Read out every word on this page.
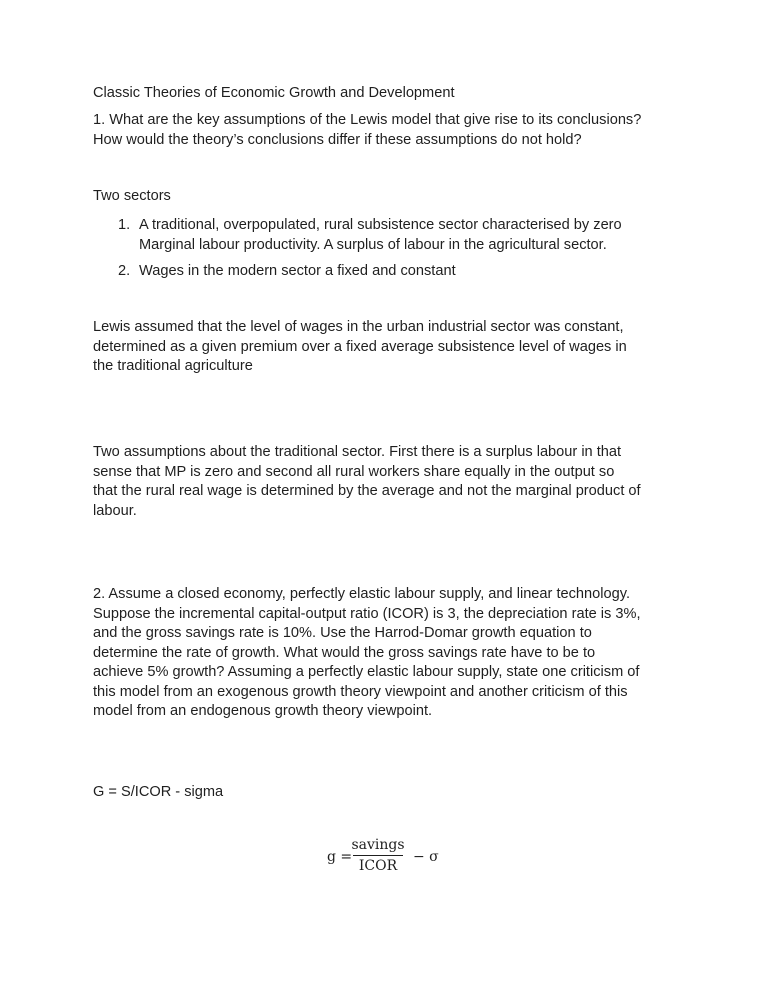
Classic Theories of Economic Growth and Development

1. What are the key assumptions of the Lewis model that give rise to its conclusions?

How would the theory’s conclusions differ if these assumptions do not hold?

Two sectors

1. A traditional, overpopulated, rural subsistence sector characterised by zero
Marginal labour productivity. A surplus of labour in the agricultural sector.
2. Wages in the modern sector a fixed and constant
Lewis assumed that the level of wages in the urban industrial sector was constant,
determined as a given premium over a fixed average subsistence level of wages in
the traditional agriculture
Two assumptions about the traditional sector. First there is a surplus labour in that
sense that MP is zero and second all rural workers share equally in the output so
that the rural real wage is determined by the average and not the marginal product of
labour.
2. Assume a closed economy, perfectly elastic labour supply, and linear technology.
Suppose the incremental capital-output ratio (ICOR) is 3, the depreciation rate is 3%,
and the gross savings rate is 10%. Use the Harrod-Domar growth equation to
determine the rate of growth. What would the gross savings rate have to be to
achieve 5% growth? Assuming a perfectly elastic labour supply, state one criticism of
this model from an exogenous growth theory viewpoint and another criticism of this
model from an endogenous growth theory viewpoint.

G = S/ICOR - sigma

g =
savings
ICOR
− σ
